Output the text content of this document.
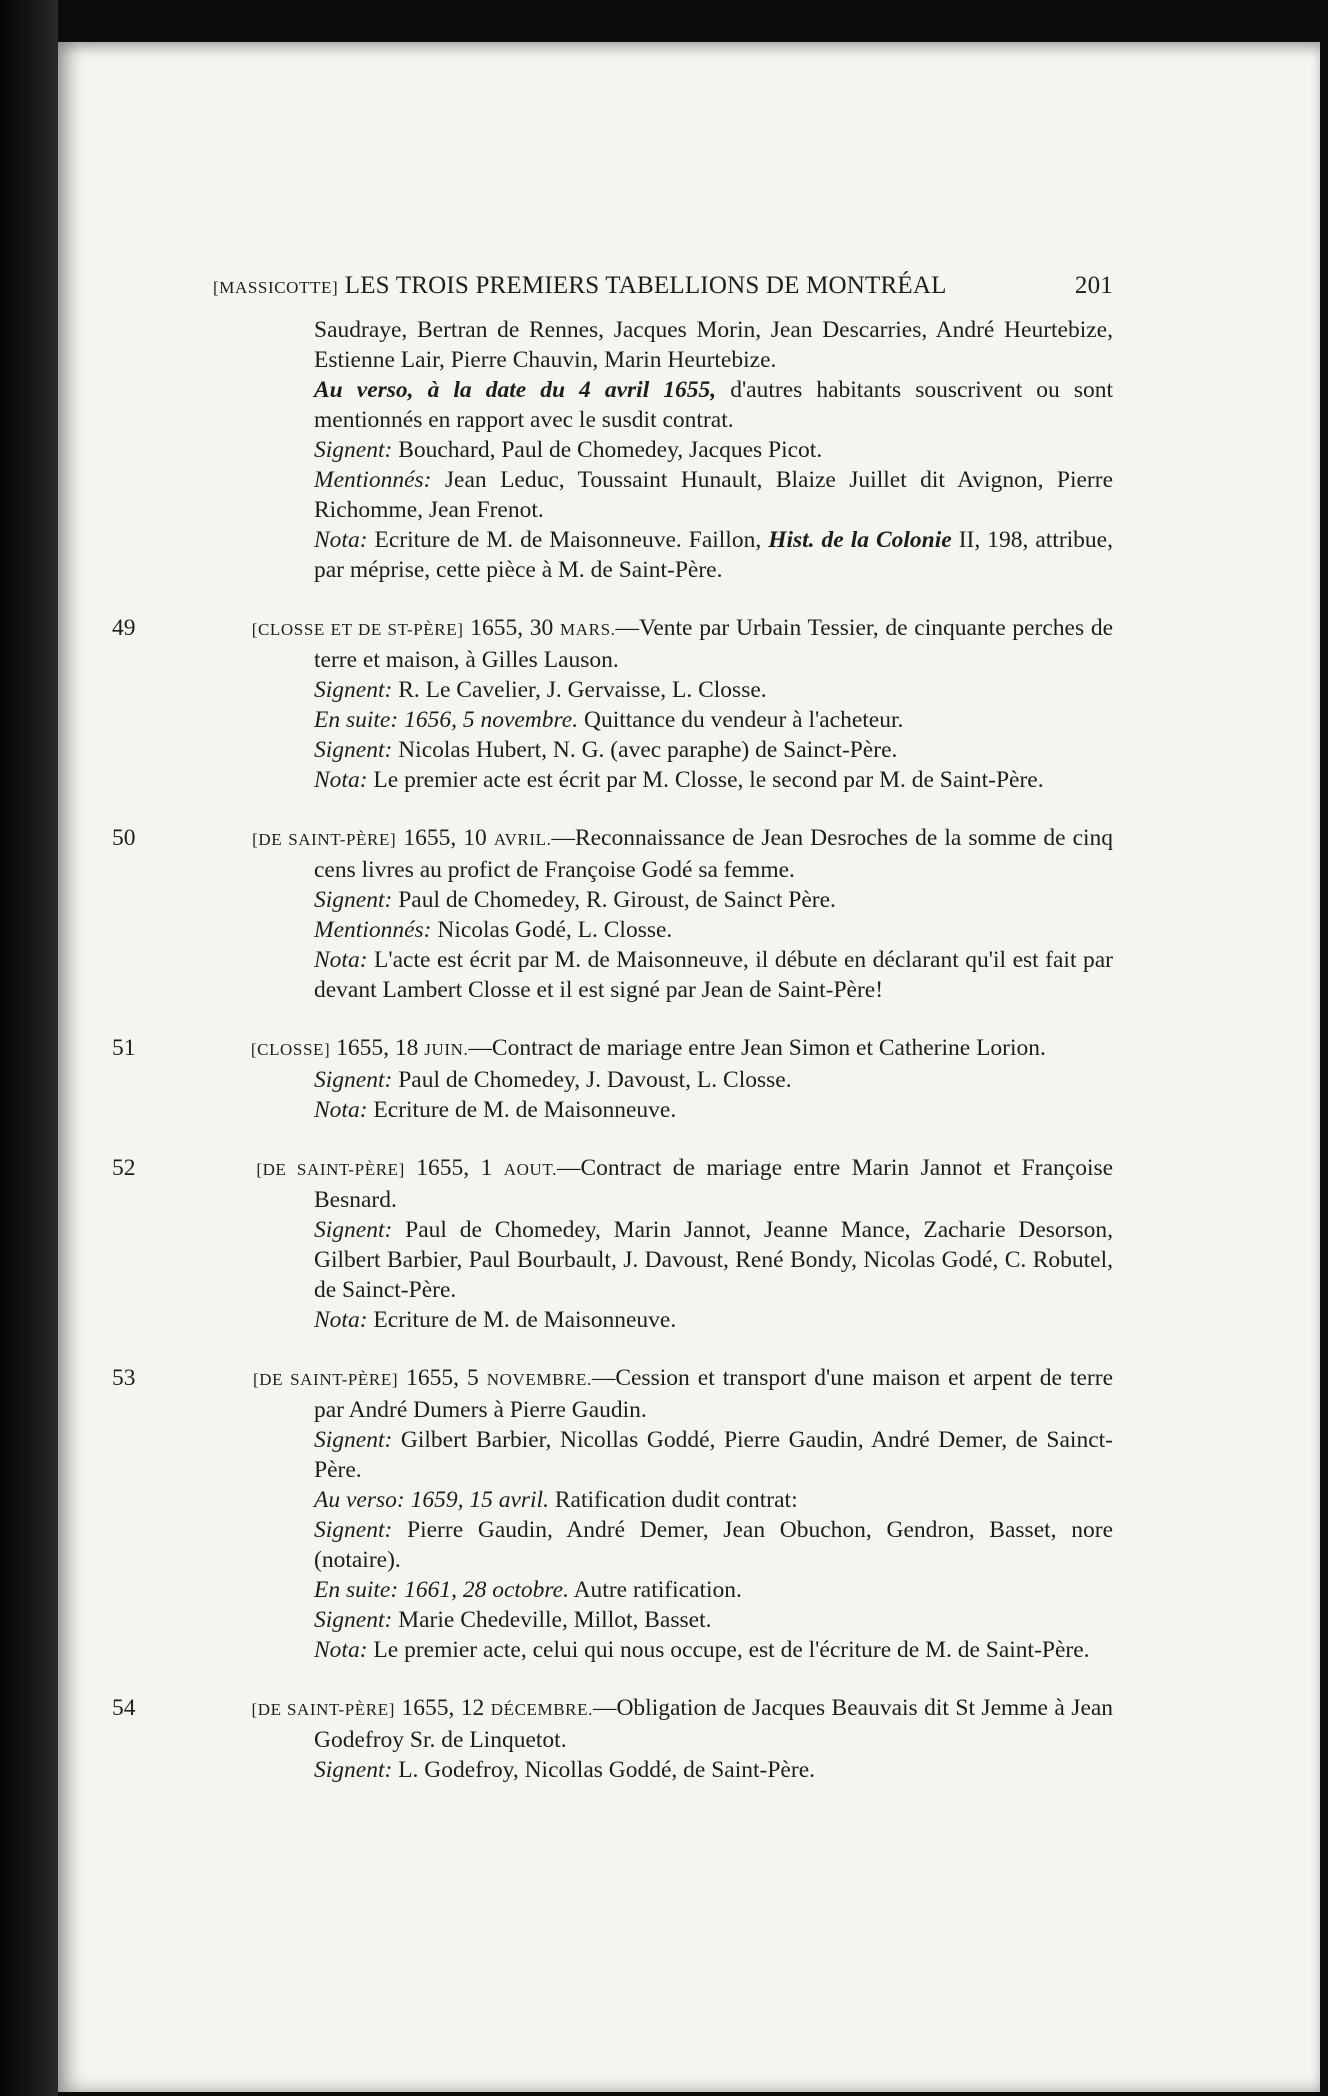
[MASSICOTTE] LES TROIS PREMIERS TABELLIONS DE MONTRÉAL	201

Saudraye, Bertran de Rennes, Jacques Morin, Jean Descarries, André Heurtebize, Estienne Lair, Pierre Chauvin, Marin Heurtebize.

Au verso, à la date du 4 avril 1655, d'autres habitants souscrivent ou sont mentionnés en rapport avec le susdit contrat.

Signent: Bouchard, Paul de Chomedey, Jacques Picot.

Mentionnés: Jean Leduc, Toussaint Hunault, Blaize Juillet dit Avignon, Pierre Richomme, Jean Frenot.

Nota: Ecriture de M. de Maisonneuve. Faillon, Hist. de la Colonie II, 198, attribue, par méprise, cette pièce à M. de Saint-Père.

49	[CLOSSE ET DE ST-PÈRE] 1655, 30 MARS.—Vente par Urbain Tessier, de cinquante perches de terre et maison, à Gilles Lauson.

Signent: R. Le Cavelier, J. Gervaisse, L. Closse.

En suite: 1656, 5 novembre. Quittance du vendeur à l'acheteur.

Signent: Nicolas Hubert, N. G. (avec paraphe) de Sainct-Père.

Nota: Le premier acte est écrit par M. Closse, le second par M. de Saint-Père.

50	[DE SAINT-PÈRE] 1655, 10 AVRIL.—Reconnaissance de Jean Desroches de la somme de cinq cens livres au profict de Françoise Godé sa femme.

Signent: Paul de Chomedey, R. Giroust, de Sainct Père.

Mentionnés: Nicolas Godé, L. Closse.

Nota: L'acte est écrit par M. de Maisonneuve, il débute en déclarant qu'il est fait par devant Lambert Closse et il est signé par Jean de Saint-Père!

51	[CLOSSE] 1655, 18 JUIN.—Contract de mariage entre Jean Simon et Catherine Lorion.

Signent: Paul de Chomedey, J. Davoust, L. Closse.

Nota: Ecriture de M. de Maisonneuve.

52	[DE SAINT-PÈRE] 1655, 1 AOUT.—Contract de mariage entre Marin Jannot et Françoise Besnard.

Signent: Paul de Chomedey, Marin Jannot, Jeanne Mance, Zacharie Desorson, Gilbert Barbier, Paul Bourbault, J. Davoust, René Bondy, Nicolas Godé, C. Robutel, de Sainct-Père.

Nota: Ecriture de M. de Maisonneuve.

53	[DE SAINT-PÈRE] 1655, 5 NOVEMBRE.—Cession et transport d'une maison et arpent de terre par André Dumers à Pierre Gaudin.

Signent: Gilbert Barbier, Nicollas Goddé, Pierre Gaudin, André Demer, de Sainct-Père.

Au verso: 1659, 15 avril. Ratification dudit contrat:

Signent: Pierre Gaudin, André Demer, Jean Obuchon, Gendron, Basset, nore (notaire).

En suite: 1661, 28 octobre. Autre ratification.

Signent: Marie Chedeville, Millot, Basset.

Nota: Le premier acte, celui qui nous occupe, est de l'écriture de M. de Saint-Père.

54	[DE SAINT-PÈRE] 1655, 12 DÉCEMBRE.—Obligation de Jacques Beauvais dit St Jemme à Jean Godefroy Sr. de Linquetot.

Signent: L. Godefroy, Nicollas Goddé, de Saint-Père.
